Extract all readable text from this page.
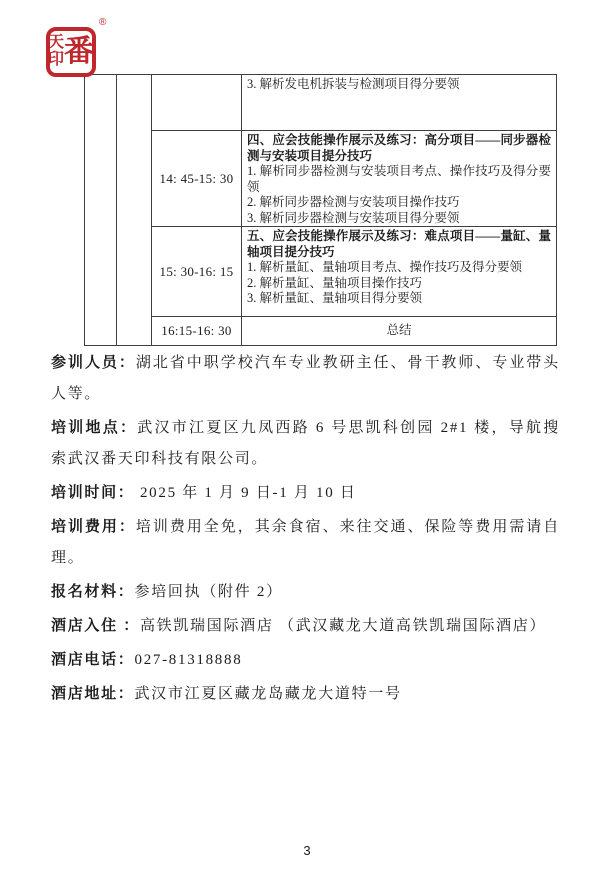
天
印 番
®
3. 解析发电机拆装与检测项目得分要领
14: 45-15: 30
四、应会技能操作展示及练习：高分项目——同步器检测与安装项目提分技巧
1. 解析同步器检测与安装项目考点、操作技巧及得分要领
2. 解析同步器检测与安装项目操作技巧
3. 解析同步器检测与安装项目得分要领
15: 30-16: 15
五、应会技能操作展示及练习：难点项目——量缸、量轴项目提分技巧
1. 解析量缸、量轴项目考点、操作技巧及得分要领
2. 解析量缸、量轴项目操作技巧
3. 解析量缸、量轴项目得分要领
16:15-16: 30	总结

参训人员：湖北省中职学校汽车专业教研主任、骨干教师、专业带头人等。

培训地点：武汉市江夏区九凤西路 6 号思凯科创园 2#1 楼，导航搜索武汉番天印科技有限公司。

培训时间： 2025 年 1 月 9 日-1 月 10 日

培训费用：培训费用全免，其余食宿、来往交通、保险等费用需请自理。

报名材料：参培回执（附件 2）

酒店入住 ：高铁凯瑞国际酒店 （武汉藏龙大道高铁凯瑞国际酒店）

酒店电话：027-81318888

酒店地址：武汉市江夏区藏龙岛藏龙大道特一号

3
